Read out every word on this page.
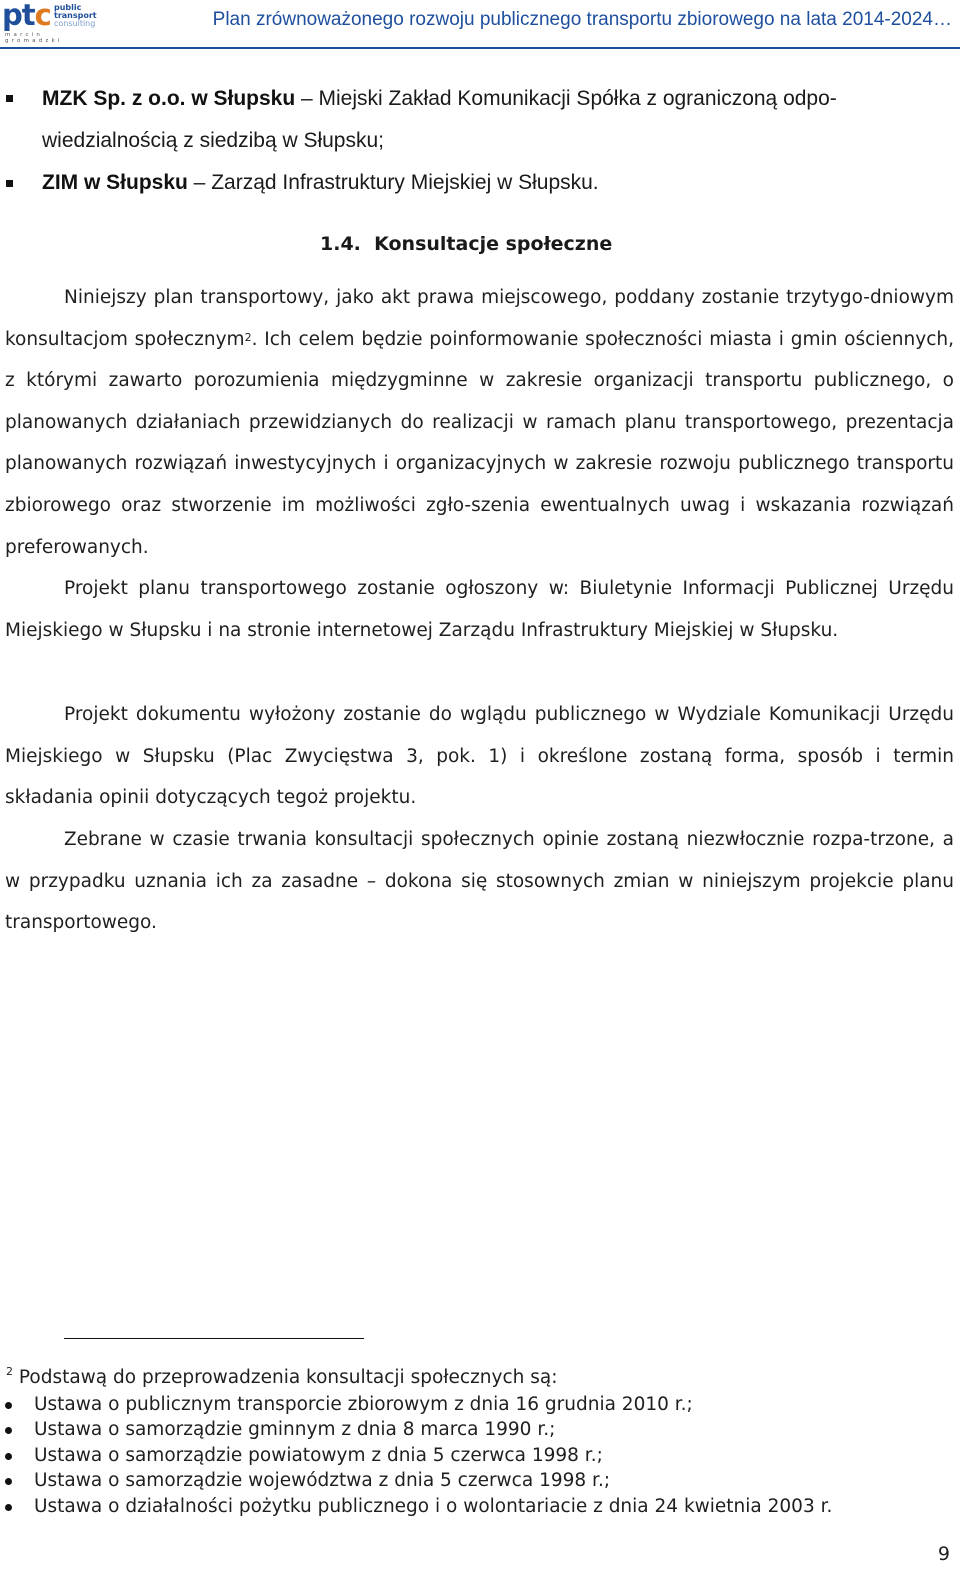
ptc public
transport
consulting
marcin gromadzki
Plan zrównoważonego rozwoju publicznego transportu zbiorowego na lata 2014-2024…
MZK Sp. z o.o. w Słupsku – Miejski Zakład Komunikacji Spółka z ograniczoną odpo-
wiedzialnością z siedzibą w Słupsku;
ZIM w Słupsku – Zarząd Infrastruktury Miejskiej w Słupsku.
1.4.  Konsultacje społeczne

Niniejszy plan transportowy, jako akt prawa miejscowego, poddany zostanie trzytygo-dniowym konsultacjom społecznym$^2$. Ich celem będzie poinformowanie społeczności miasta i gmin ościennych, z którymi zawarto porozumienia międzygminne w zakresie organizacji transportu publicznego, o planowanych działaniach przewidzianych do realizacji w ramach planu transportowego, prezentacja planowanych rozwiązań inwestycyjnych i organizacyjnych w zakresie rozwoju publicznego transportu zbiorowego oraz stworzenie im możliwości zgło-szenia ewentualnych uwag i wskazania rozwiązań preferowanych.

Projekt planu transportowego zostanie ogłoszony w: Biuletynie Informacji Publicznej Urzędu Miejskiego w Słupsku i na stronie internetowej Zarządu Infrastruktury Miejskiej w Słupsku.

Projekt dokumentu wyłożony zostanie do wglądu publicznego w Wydziale Komunikacji Urzędu Miejskiego w Słupsku (Plac Zwycięstwa 3, pok. 1) i określone zostaną forma, sposób i termin składania opinii dotyczących tegoż projektu.

Zebrane w czasie trwania konsultacji społecznych opinie zostaną niezwłocznie rozpa-trzone, a w przypadku uznania ich za zasadne – dokona się stosownych zmian w niniejszym projekcie planu transportowego.

$^2$ Podstawą do przeprowadzenia konsultacji społecznych są:
Ustawa o publicznym transporcie zbiorowym z dnia 16 grudnia 2010 r.;
Ustawa o samorządzie gminnym z dnia 8 marca 1990 r.;
Ustawa o samorządzie powiatowym z dnia 5 czerwca 1998 r.;
Ustawa o samorządzie województwa z dnia 5 czerwca 1998 r.;
Ustawa o działalności pożytku publicznego i o wolontariacie z dnia 24 kwietnia 2003 r.
9
